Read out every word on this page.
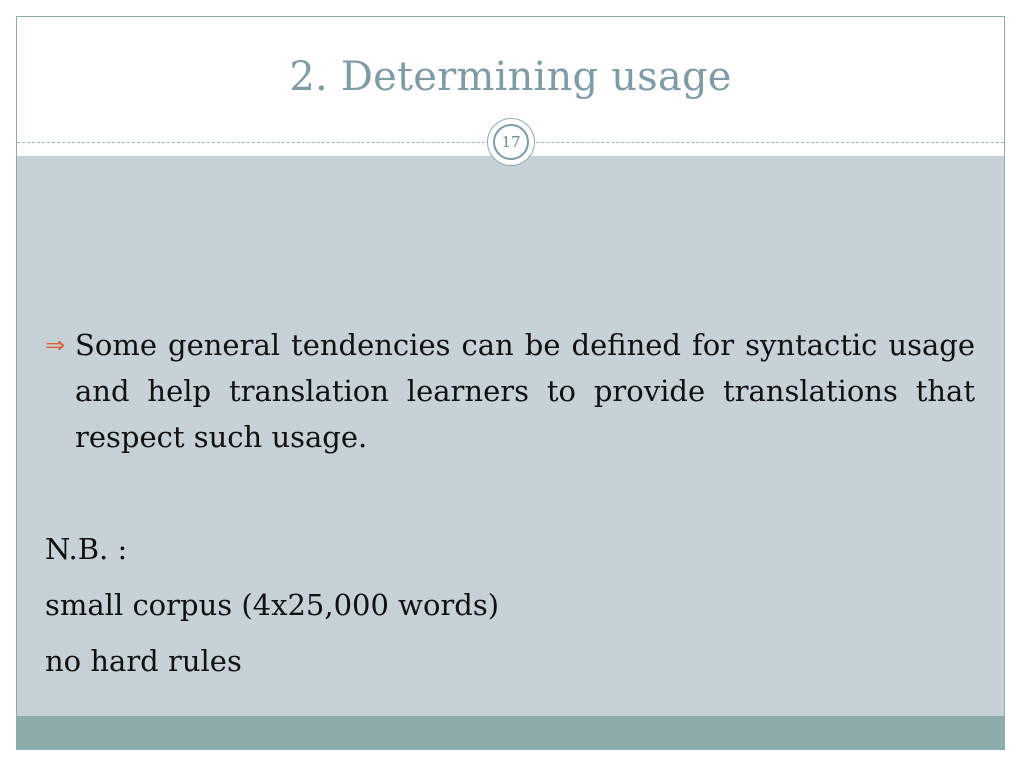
2. Determining usage
⇒ Some general tendencies can be defined for syntactic usage and help translation learners to provide translations that respect such usage.
N.B. :
small corpus (4x25,000 words)
no hard rules
17
